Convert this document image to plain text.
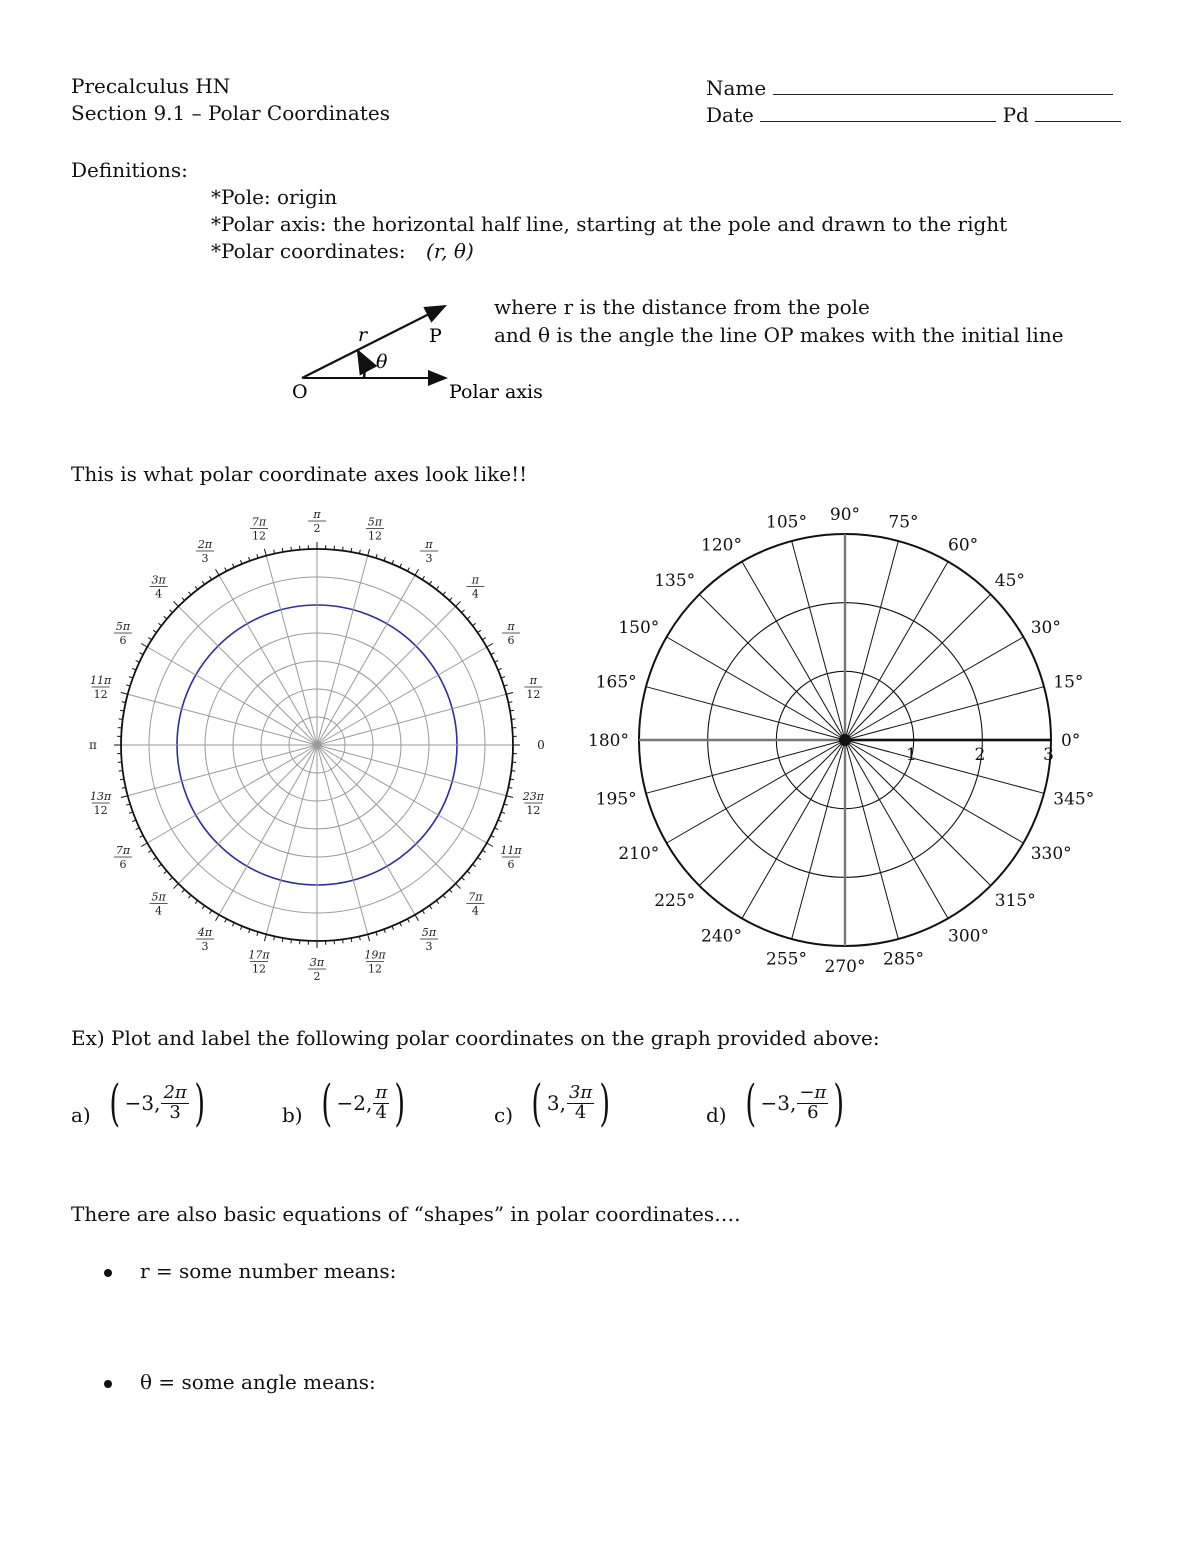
Precalculus HN
Section 9.1 – Polar Coordinates
Name
Date	Pd
Definitions:
*Pole: origin
*Polar axis: the horizontal half line, starting at the pole and drawn to the right
*Polar coordinates: (r, θ)
r	P
θ
O	Polar axis
where r is the distance from the pole
and θ is the angle the line OP makes with the initial line
This is what polar coordinate axes look like!!
0
π
12
π
6
π
4
π
3
5π
12
π
2
7π
12
2π
3
3π
4
5π
6
11π
12
π
13π
12
7π
6
5π
4
4π
3
17π
12	3π
2
19π
12
5π
3
7π
4
11π
6
23π
12
0°
15°
30°
45°
60°
75°
90°
105°
120°
135°
150°
165°
180°
195°
210°
225°
240°
255° 270° 285°
300°
315°
330°
345°
1	2	3
Ex) Plot and label the following polar coordinates on the graph provided above:
a) ( −3, $\frac{2\pi}{3}$ )	b) ( −2, $\frac{\pi}{4}$ )	c) ( 3, $\frac{3\pi}{4}$ )	d) ( −3, $\frac{-\pi}{6}$ )
There are also basic equations of “shapes” in polar coordinates….
r = some number means:
θ = some angle means:
